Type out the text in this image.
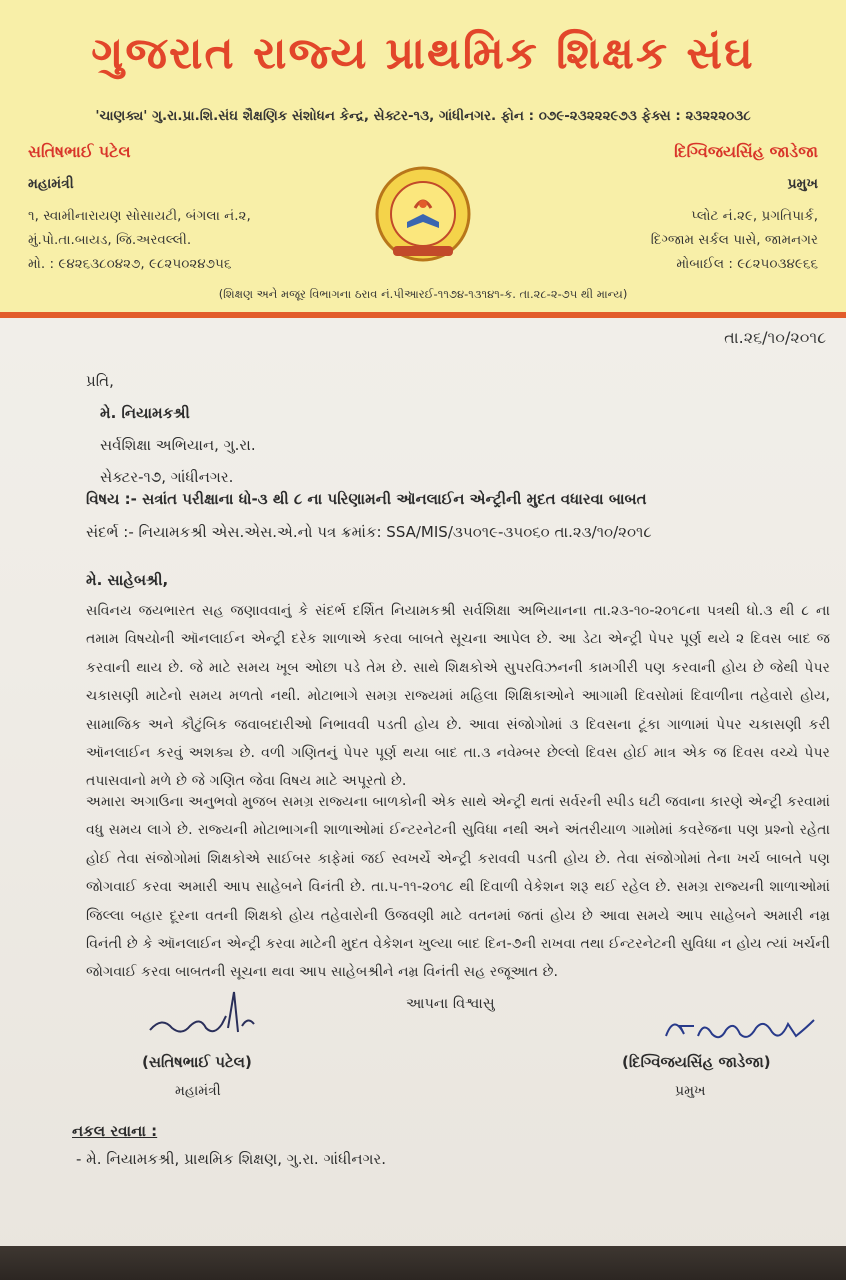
ગુજરાત રાજ્ય પ્રાથમિક શિક્ષક સંઘ
'ચાણક્ય' ગુ.રા.પ્રા.શિ.સંઘ શૈક્ષણિક સંશોધન કેન્દ્ર, સેક્ટર-૧૩, ગાંધીનગર. ફોન : ૦૭૯-૨૩૨૨૨૯૭૩ ફેક્સ : ૨૩૨૨૨૦૩૮
સતિષભાઈ પટેલ
મહામંત્રી
૧, સ્વામીનારાયણ સોસાયટી, બંગલા નં.૨,
મું.પો.તા.બાયડ, જિ.અરવલ્લી.
મો. : ૯૪૨૬૩૮૦૪૨૭, ૯૮૨૫૦૨૪૭૫૬
દિગ્વિજયસિંહ જાડેજા
પ્રમુખ
પ્લોટ નં.૨૯, પ્રગતિપાર્ક,
દિગ્જામ સર્કલ પાસે, જામનગર
મોબાઈલ : ૯૮૨૫૦૩૪૯૬૬
(શિક્ષણ અને મજૂર વિભાગના ઠરાવ નં.પીઆરઈ-૧૧૭૪-૧૩૧૪૧-ક. તા.૨૮-૨-૭૫ થી માન્ય)
તા.૨૬/૧૦/૨૦૧૮
પ્રતિ,
મે. નિયામકશ્રી
સર્વશિક્ષા અભિયાન, ગુ.રા.
સેક્ટર-૧૭, ગાંધીનગર.
વિષય :- સત્રાંત પરીક્ષાના ધો-૩ થી ૮ ના પરિણામની ઑનલાઈન એન્ટ્રીની મુદત વધારવા બાબત
સંદર્ભ :- નિયામકશ્રી એસ.એસ.એ.નો પત્ર ક્રમાંક: SSA/MIS/૩૫૦૧૯-૩૫૦૬૦ તા.૨૩/૧૦/૨૦૧૮
મે. સાહેબશ્રી,
સવિનય જયભારત સહ જણાવવાનું કે સંદર્ભ દર્શિત નિયામકશ્રી સર્વશિક્ષા અભિયાનના તા.૨૩-૧૦-૨૦૧૮ના પત્રથી ધો.૩ થી ૮ ના તમામ વિષયોની ઑનલાઈન એન્ટ્રી દરેક શાળાએ કરવા બાબતે સૂચના આપેલ છે. આ ડેટા એન્ટ્રી પેપર પૂર્ણ થયે ૨ દિવસ બાદ જ કરવાની થાય છે. જે માટે સમય ખૂબ ઓછા પડે તેમ છે. સાથે શિક્ષકોએ સુપરવિઝનની કામગીરી પણ કરવાની હોય છે જેથી પેપર ચકાસણી માટેનો સમય મળતો નથી. મોટાભાગે સમગ્ર રાજ્યમાં મહિલા શિક્ષિકાઓને આગામી દિવસોમાં દિવાળીના તહેવારો હોય, સામાજિક અને કૌટુંબિક જવાબદારીઓ નિભાવવી પડતી હોય છે. આવા સંજોગોમાં ૩ દિવસના ટૂંકા ગાળામાં પેપર ચકાસણી કરી ઑનલાઈન કરવું અશક્ય છે. વળી ગણિતનું પેપર પૂર્ણ થયા બાદ તા.૩ નવેમ્બર છેલ્લો દિવસ હોઈ માત્ર એક જ દિવસ વચ્ચે પેપર તપાસવાનો મળે છે જે ગણિત જેવા વિષય માટે અપૂરતો છે.
અમારા અગાઉના અનુભવો મુજબ સમગ્ર રાજ્યના બાળકોની એક સાથે એન્ટ્રી થતાં સર્વરની સ્પીડ ઘટી જવાના કારણે એન્ટ્રી કરવામાં વધુ સમય લાગે છે. રાજ્યની મોટાભાગની શાળાઓમાં ઈન્ટરનેટની સુવિધા નથી અને અંતરીયાળ ગામોમાં કવરેજના પણ પ્રશ્નો રહેતા હોઈ તેવા સંજોગોમાં શિક્ષકોએ સાઈબર કાફેમાં જઈ સ્વખર્ચે એન્ટ્રી કરાવવી પડતી હોય છે. તેવા સંજોગોમાં તેના ખર્ચ બાબતે પણ જોગવાઈ કરવા અમારી આપ સાહેબને વિનંતી છે. તા.૫-૧૧-૨૦૧૮ થી દિવાળી વેકેશન શરૂ થઈ રહેલ છે. સમગ્ર રાજ્યની શાળાઓમાં જિલ્લા બહાર દૂરના વતની શિક્ષકો હોય તહેવારોની ઉજવણી માટે વતનમાં જતાં હોય છે આવા સમયે આપ સાહેબને અમારી નમ્ર વિનંતી છે કે ઑનલાઈન એન્ટ્રી કરવા માટેની મુદત વેકેશન ખુલ્યા બાદ દિન-૭ની રાખવા તથા ઈન્ટરનેટની સુવિધા ન હોય ત્યાં ખર્ચની જોગવાઈ કરવા બાબતની સૂચના થવા આપ સાહેબશ્રીને નમ્ર વિનંતી સહ રજૂઆત છે.
આપના વિશ્વાસુ
(સતિષભાઈ પટેલ)
મહામંત્રી
(દિગ્વિજયસિંહ જાડેજા)
પ્રમુખ
નકલ રવાના :
- મે. નિયામકશ્રી, પ્રાથમિક શિક્ષણ, ગુ.રા. ગાંધીનગર.
